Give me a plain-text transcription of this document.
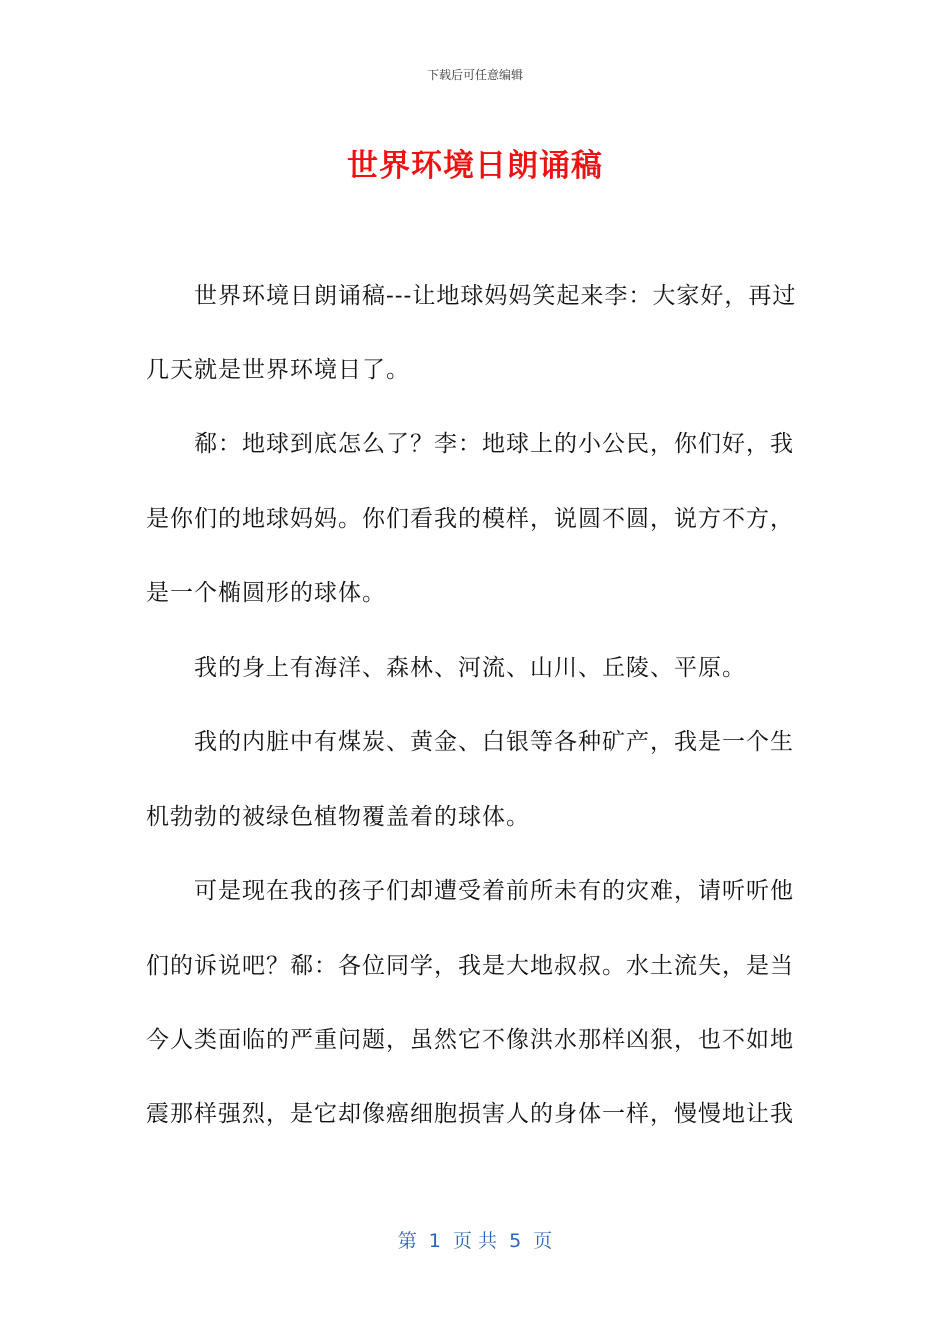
下载后可任意编辑
世界环境日朗诵稿
世界环境日朗诵稿---让地球妈妈笑起来李：大家好，再过
几天就是世界环境日了。
郗：地球到底怎么了？李：地球上的小公民，你们好，我
是你们的地球妈妈。你们看我的模样，说圆不圆，说方不方，
是一个椭圆形的球体。
我的身上有海洋、森林、河流、山川、丘陵、平原。
我的内脏中有煤炭、黄金、白银等各种矿产，我是一个生
机勃勃的被绿色植物覆盖着的球体。
可是现在我的孩子们却遭受着前所未有的灾难，请听听他
们的诉说吧？郗：各位同学，我是大地叔叔。水土流失，是当
今人类面临的严重问题，虽然它不像洪水那样凶狠，也不如地
震那样强烈，是它却像癌细胞损害人的身体一样，慢慢地让我
第  1  页 共  5  页
